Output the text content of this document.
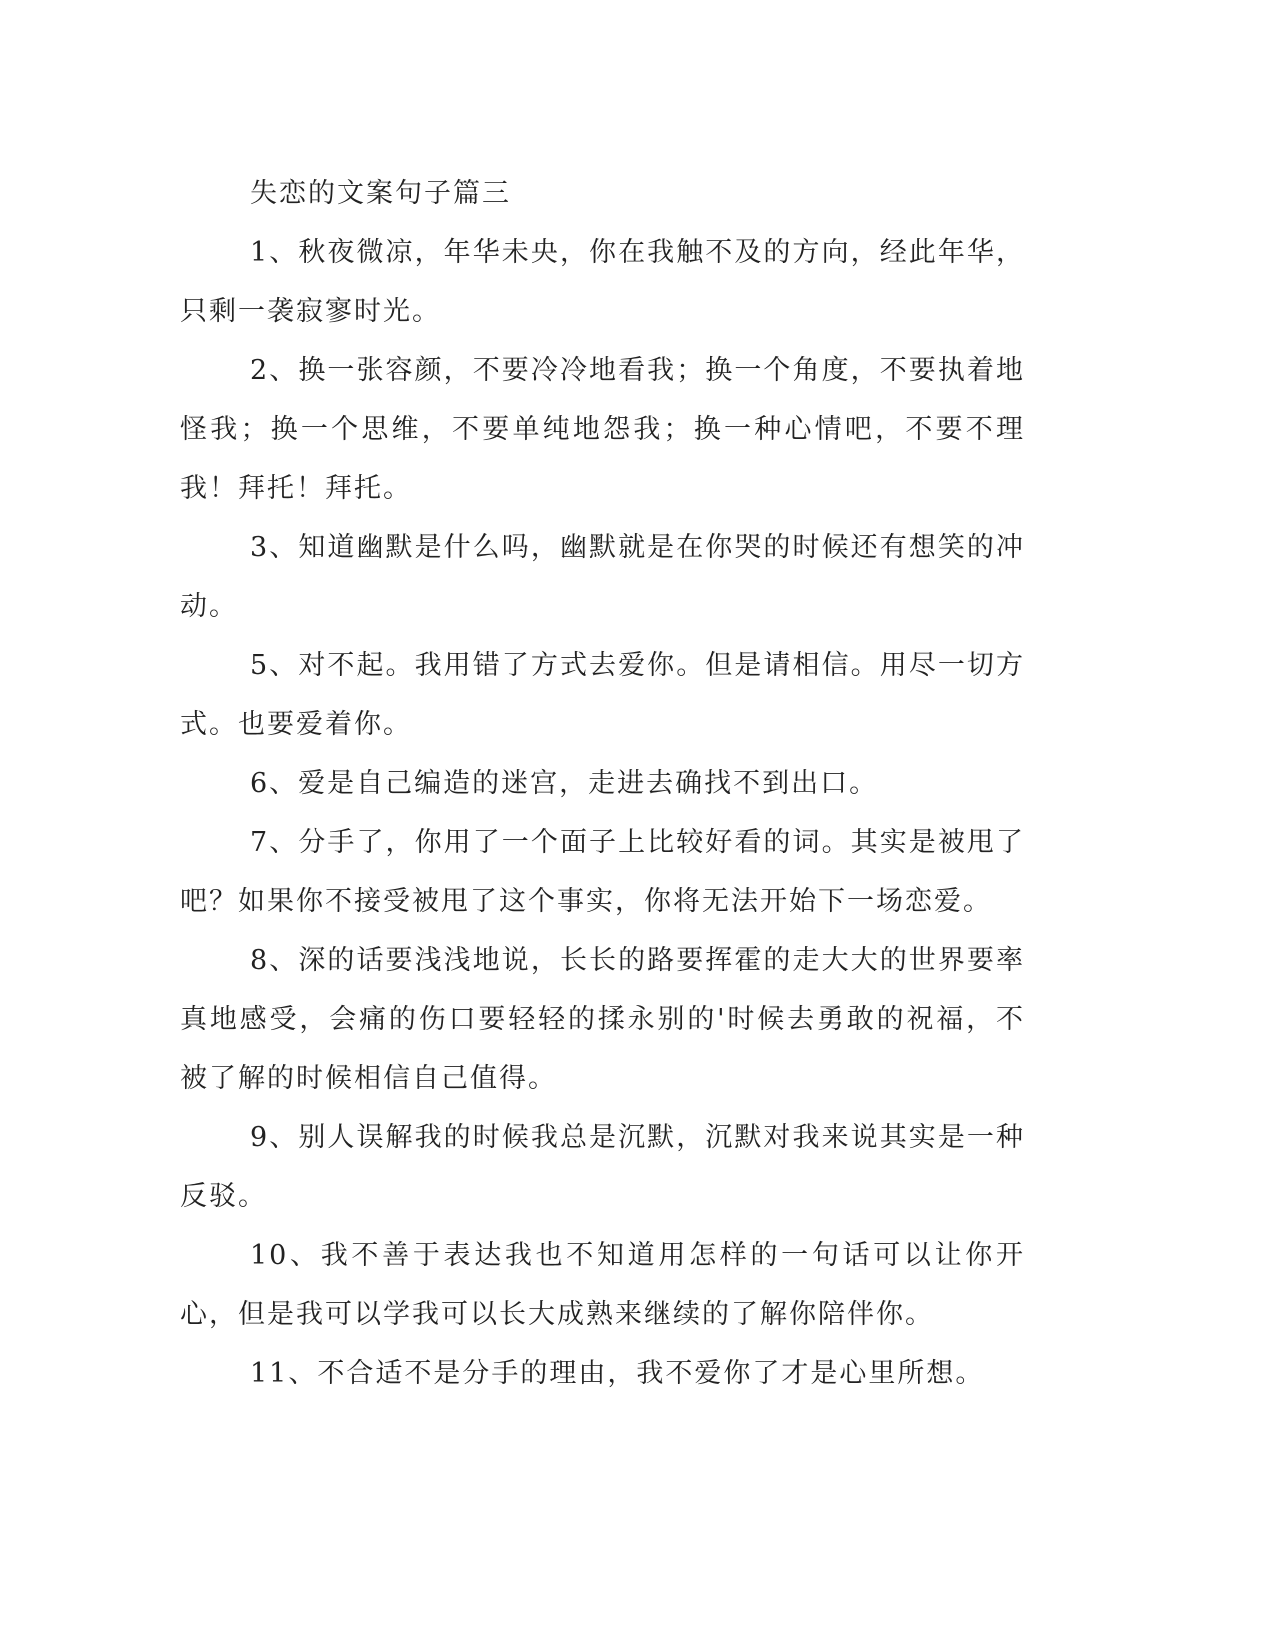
失恋的文案句子篇三

1、秋夜微凉，年华未央，你在我触不及的方向，经此年华，只剩一袭寂寥时光。

2、换一张容颜，不要冷冷地看我；换一个角度，不要执着地怪我；换一个思维，不要单纯地怨我；换一种心情吧，不要不理我！拜托！拜托。

3、知道幽默是什么吗，幽默就是在你哭的时候还有想笑的冲动。

5、对不起。我用错了方式去爱你。但是请相信。用尽一切方式。也要爱着你。

6、爱是自己编造的迷宫，走进去确找不到出口。

7、分手了，你用了一个面子上比较好看的词。其实是被甩了吧？如果你不接受被甩了这个事实，你将无法开始下一场恋爱。

8、深的话要浅浅地说，长长的路要挥霍的走大大的世界要率真地感受，会痛的伤口要轻轻的揉永别的'时候去勇敢的祝福，不被了解的时候相信自己值得。

9、别人误解我的时候我总是沉默，沉默对我来说其实是一种反驳。

10、我不善于表达我也不知道用怎样的一句话可以让你开心，但是我可以学我可以长大成熟来继续的了解你陪伴你。

11、不合适不是分手的理由，我不爱你了才是心里所想。
